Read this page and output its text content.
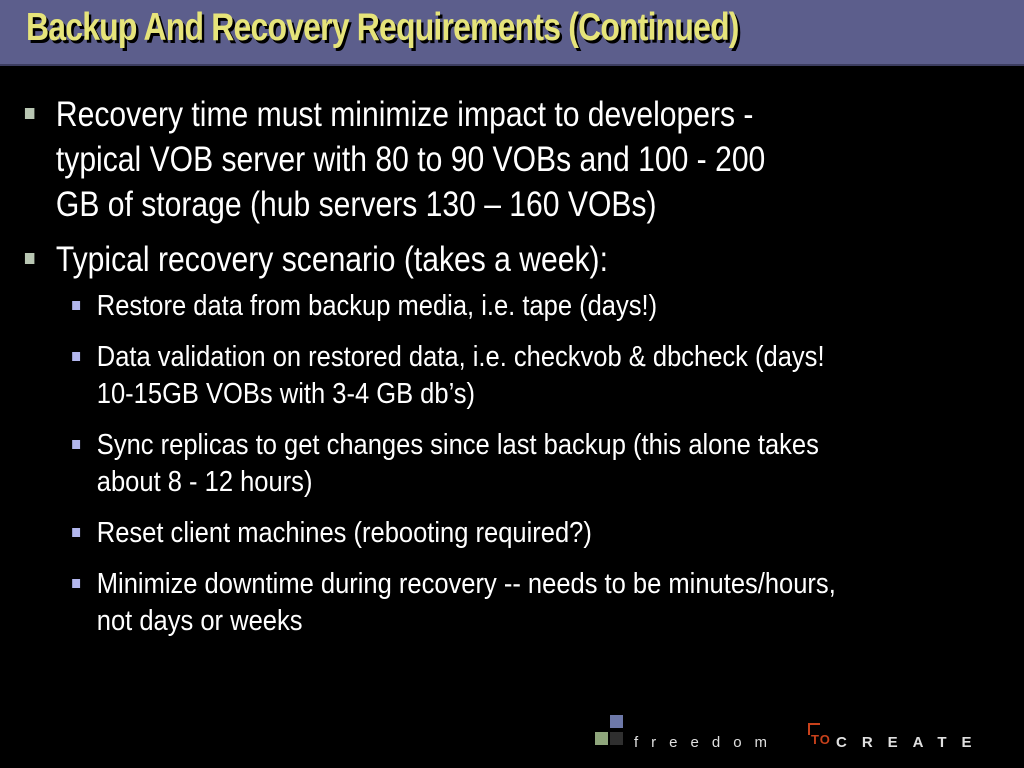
Backup And Recovery Requirements (Continued)
Recovery time must minimize impact to developers - typical VOB server with 80 to 90 VOBs and 100 - 200 GB of storage (hub servers 130 – 160 VOBs)
Typical recovery scenario (takes a week):
Restore data from backup media, i.e. tape (days!)
Data validation on restored data, i.e. checkvob & dbcheck (days! 10-15GB VOBs with 3-4 GB db’s)
Sync replicas to get changes since last backup (this alone takes about 8 - 12 hours)
Reset client machines (rebooting required?)
Minimize downtime during recovery -- needs to be minutes/hours, not days or weeks
freedom TO CREATE
